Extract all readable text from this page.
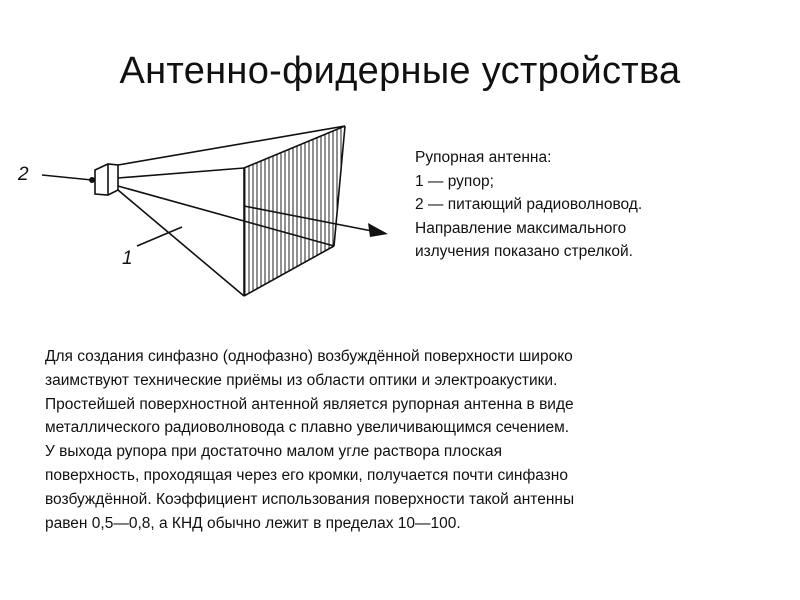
Антенно-фидерные устройства
2
1
Рупорная антенна:
1 — рупор;
2 — питающий радиоволновод.
Направление максимального
излучения показано стрелкой.
Для создания синфазно (однофазно) возбуждённой поверхности широко
заимствуют технические приёмы из области оптики и электроакустики.
Простейшей поверхностной антенной является рупорная антенна в виде
металлического радиоволновода с плавно увеличивающимся сечением.
У выхода рупора при достаточно малом угле раствора плоская
поверхность, проходящая через его кромки, получается почти синфазно
возбуждённой. Коэффициент использования поверхности такой антенны
равен 0,5—0,8, а КНД обычно лежит в пределах 10—100.
